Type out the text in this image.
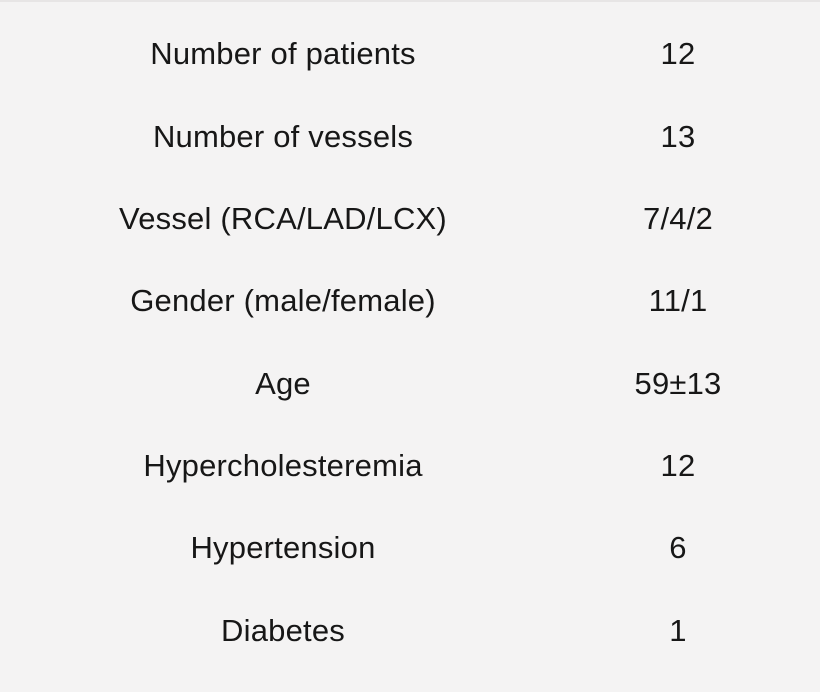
Number of patients	12
Number of vessels	13
Vessel (RCA/LAD/LCX)	7/4/2
Gender (male/female)	11/1
Age	59±13
Hypercholesteremia	12
Hypertension	6
Diabetes	1
